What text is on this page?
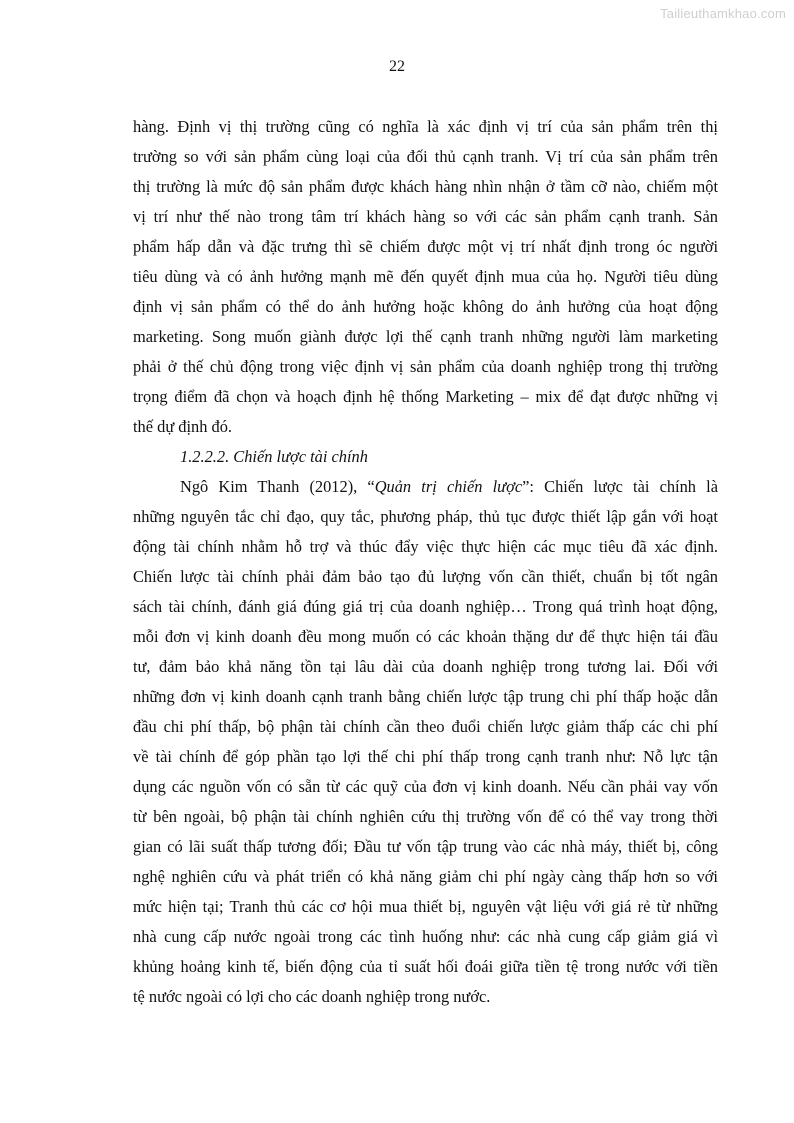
Tailieuthamkhao.com
22
hàng. Định vị thị trường cũng có nghĩa là xác định vị trí của sản phẩm trên thị
trường so với sản phẩm cùng loại của đối thủ cạnh tranh. Vị trí của sản phẩm trên
thị trường là mức độ sản phẩm được khách hàng nhìn nhận ở tầm cỡ nào, chiếm một
vị trí như thế nào trong tâm trí khách hàng so với các sản phẩm cạnh tranh. Sản
phẩm hấp dẫn và đặc trưng thì sẽ chiếm được một vị trí nhất định trong óc người
tiêu dùng và có ảnh hưởng mạnh mẽ đến quyết định mua của họ. Người tiêu dùng
định vị sản phẩm có thể do ảnh hưởng hoặc không do ảnh hưởng của hoạt động
marketing. Song muốn giành được lợi thế cạnh tranh những người làm marketing
phải ở thế chủ động trong việc định vị sản phẩm của doanh nghiệp trong thị trường
trọng điểm đã chọn và hoạch định hệ thống Marketing – mix để đạt được những vị
thế dự định đó.
1.2.2.2. Chiến lược tài chính
Ngô Kim Thanh (2012), “Quản trị chiến lược”: Chiến lược tài chính là
những nguyên tắc chỉ đạo, quy tắc, phương pháp, thủ tục được thiết lập gắn với hoạt
động tài chính nhằm hỗ trợ và thúc đẩy việc thực hiện các mục tiêu đã xác định.
Chiến lược tài chính phải đảm bảo tạo đủ lượng vốn cần thiết, chuẩn bị tốt ngân
sách tài chính, đánh giá đúng giá trị của doanh nghiệp… Trong quá trình hoạt động,
mỗi đơn vị kinh doanh đều mong muốn có các khoản thặng dư để thực hiện tái đầu
tư, đảm bảo khả năng tồn tại lâu dài của doanh nghiệp trong tương lai. Đối với
những đơn vị kinh doanh cạnh tranh bằng chiến lược tập trung chi phí thấp hoặc dẫn
đầu chi phí thấp, bộ phận tài chính cần theo đuổi chiến lược giảm thấp các chi phí
về tài chính để góp phần tạo lợi thế chi phí thấp trong cạnh tranh như: Nỗ lực tận
dụng các nguồn vốn có sẵn từ các quỹ của đơn vị kinh doanh. Nếu cần phải vay vốn
từ bên ngoài, bộ phận tài chính nghiên cứu thị trường vốn để có thể vay trong thời
gian có lãi suất thấp tương đối; Đầu tư vốn tập trung vào các nhà máy, thiết bị, công
nghệ nghiên cứu và phát triển có khả năng giảm chi phí ngày càng thấp hơn so với
mức hiện tại; Tranh thủ các cơ hội mua thiết bị, nguyên vật liệu với giá rẻ từ những
nhà cung cấp nước ngoài trong các tình huống như: các nhà cung cấp giảm giá vì
khủng hoảng kinh tế, biến động của tỉ suất hối đoái giữa tiền tệ trong nước với tiền
tệ nước ngoài có lợi cho các doanh nghiệp trong nước.
